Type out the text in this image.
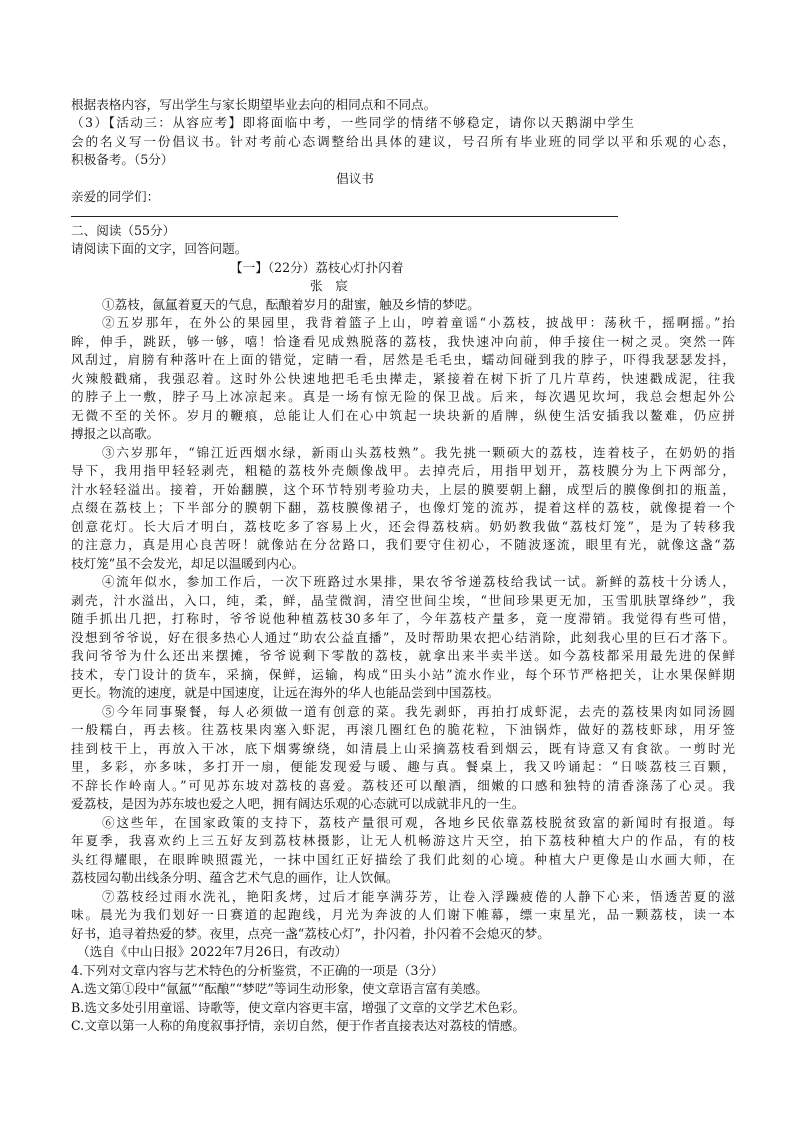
根据表格内容，写出学生与家长期望毕业去向的相同点和不同点。
（3）【活动三：从容应考】即将面临中考，一些同学的情绪不够稳定，请你以天鹅湖中学生
会的名义写一份倡议书。针对考前心态调整给出具体的建议，号召所有毕业班的同学以平和乐观的心态，
积极备考。（5分）
倡议书
亲爱的同学们：
二、阅读（55分）
请阅读下面的文字，回答问题。
【一】（22分）荔枝心灯扑闪着
张　宸
①荔枝，氤氲着夏天的气息，酝酿着岁月的甜蜜，触及乡情的梦呓。
②五岁那年，在外公的果园里，我背着篮子上山，哼着童谣“小荔枝，披战甲：荡秋千，摇啊摇。”抬
眸，伸手，跳跃，够一够，嘻！恰逢看见成熟脱落的荔枝，我快速冲向前，伸手接住一树之灵。突然一阵
风刮过，肩膀有种落叶在上面的错觉，定睛一看，居然是毛毛虫，蠕动间碰到我的脖子，吓得我瑟瑟发抖，
火辣般戳痛，我强忍着。这时外公快速地把毛毛虫撵走，紧接着在树下折了几片草药，快速戳成泥，往我
的脖子上一敷，脖子马上冰凉起来。真是一场有惊无险的保卫战。后来，每次遇见坎坷，我总会想起外公
无微不至的关怀。岁月的鞭痕，总能让人们在心中筑起一块块新的盾牌，纵使生活安插我以鳌难，仍应拼
搏报之以高歌。
③六岁那年，“锦江近西烟水绿，新雨山头荔枝熟”。我先挑一颗硕大的荔枝，连着枝子，在奶奶的指
导下，我用指甲轻轻剥壳，粗糙的荔枝外壳颇像战甲。去掉壳后，用指甲划开，荔枝膜分为上下两部分，
汁水轻轻溢出。接着，开始翻膜，这个环节特别考验功夫，上层的膜要朝上翻，成型后的膜像倒扣的瓶盖，
点缀在荔枝上；下半部分的膜朝下翻，荔枝膜像裙子，也像灯笼的流苏，提着这样的荔枝，就像提着一个
创意花灯。长大后才明白，荔枝吃多了容易上火，还会得荔枝病。奶奶教我做“荔枝灯笼”，是为了转移我
的注意力，真是用心良苦呀！就像站在分岔路口，我们要守住初心，不随波逐流，眼里有光，就像这盏“荔
枝灯笼”虽不会发光，却足以温暖到内心。
④流年似水，参加工作后，一次下班路过水果排，果农爷爷递荔枝给我试一试。新鲜的荔枝十分诱人，
剥壳，汁水溢出，入口，纯，柔，鲜，晶莹微润，清空世间尘埃，“世间珍果更无加，玉雪肌肤罩绛纱”，我
随手抓出几把，打称时，爷爷说他种植荔枝30多年了，今年荔枝产量多，竟一度滞销。我觉得有些可惜，
没想到爷爷说，好在很多热心人通过“助农公益直播”，及时帮助果农把心结消除，此刻我心里的巨石才落下。
我问爷爷为什么还出来摆摊，爷爷说剩下零散的荔枝，就拿出来半卖半送。如今荔枝都采用最先进的保鲜
技术，专门设计的货车，采摘，保鲜，运输，构成“田头小站”流水作业，每个环节严格把关，让水果保鲜期
更长。物流的速度，就是中国速度，让远在海外的华人也能品尝到中国荔枝。
⑤今年同事聚餐，每人必须做一道有创意的菜。我先剥虾，再拍打成虾泥，去壳的荔枝果肉如同汤圆
一般糯白，再去核。往荔枝果肉塞入虾泥，再滚几圈红色的脆花粒，下油锅炸，做好的荔枝虾球，用牙签
挂到枝干上，再放入干冰，底下烟雾缭绕，如清晨上山采摘荔枝看到烟云，既有诗意又有食欲。一剪时光
里，多彩，亦多味，多打开一扇，便能发现爱与暖、趣与真。餐桌上，我又吟诵起：“日啖荔枝三百颗，
不辞长作岭南人。”可见苏东坡对荔枝的喜爱。荔枝还可以酿酒，细嫩的口感和独特的清香涤荡了心灵。我
爱荔枝，是因为苏东坡也爱之人吧，拥有阔达乐观的心态就可以成就非凡的一生。
⑥这些年，在国家政策的支持下，荔枝产量很可观，各地乡民依靠荔枝脱贫致富的新闻时有报道。每
年夏季，我喜欢约上三五好友到荔枝林摄影，让无人机畅游这片天空，拍下荔枝种植大户的作品，有的枝
头红得耀眼，在眼眸映照霞光，一抹中国红正好描绘了我们此刻的心境。种植大户更像是山水画大师，在
荔枝园勾勒出线条分明、蕴含艺术气息的画作，让人饮佩。
⑦荔枝经过雨水洗礼，艳阳炙烤，过后才能享满芬芳，让卷入浮躁疲倦的人静下心来，悟透苦夏的滋
味。晨光为我们划好一日赛道的起跑线，月光为奔波的人们谢下帷幕，缥一束星光，品一颗荔枝，读一本
好书，追寻着热爱的梦。夜里，点亮一盏“荔枝心灯”，扑闪着，扑闪着不会熄灭的梦。
（选自《中山日报》2022年7月26日，有改动）
4.下列对文章内容与艺术特色的分析鉴赏，不正确的一项是（3分）
A.选文第①段中“氤氲”“酝酿”“梦呓”等词生动形象，使文章语言富有美感。
B.选文多处引用童谣、诗歌等，使文章内容更丰富，增强了文章的文学艺术色彩。
C.文章以第一人称的角度叙事抒情，亲切自然，便于作者直接表达对荔枝的情感。
